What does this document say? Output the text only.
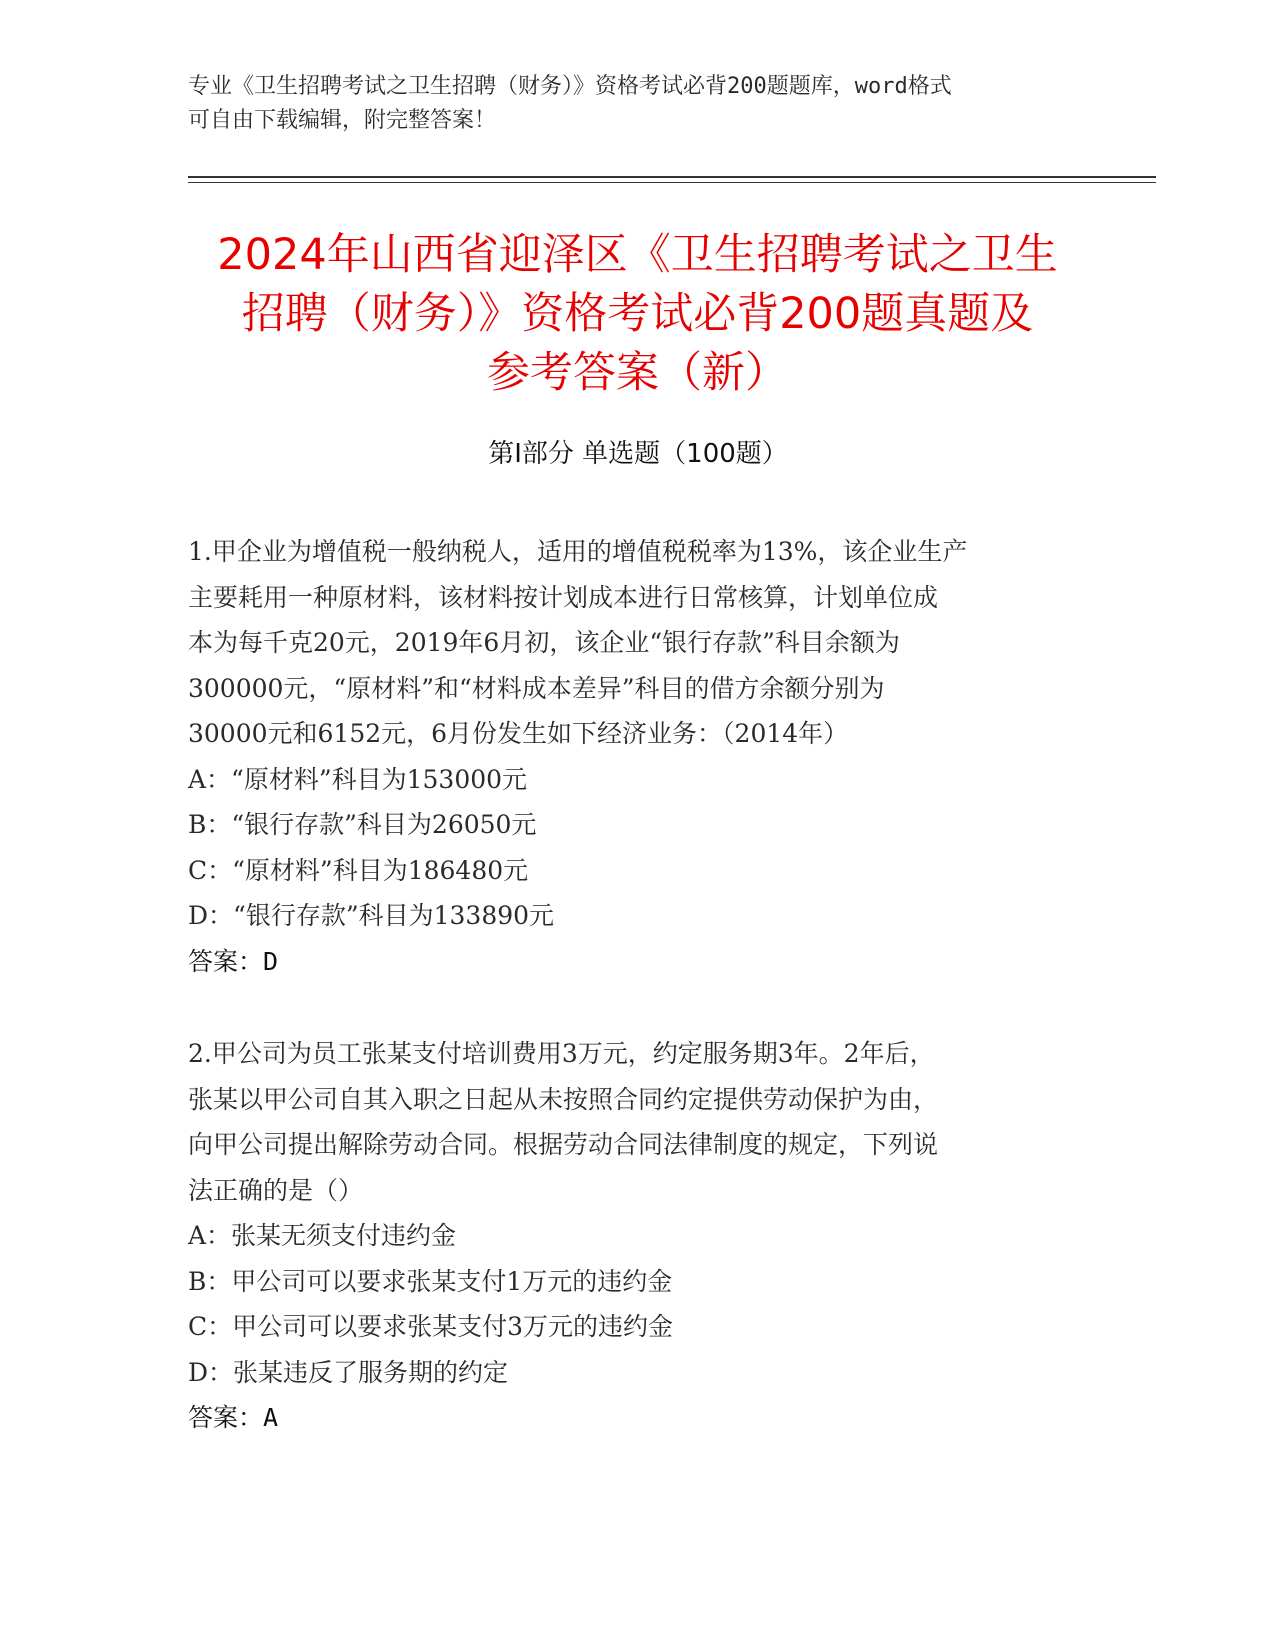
专业《卫生招聘考试之卫生招聘（财务）》资格考试必背200题题库，word格式
可自由下载编辑，附完整答案！
2024年山西省迎泽区《卫生招聘考试之卫生
招聘（财务）》资格考试必背200题真题及
参考答案（新）
第Ⅰ部分 单选题（100题）
1.甲企业为增值税一般纳税人，适用的增值税税率为13%，该企业生产
主要耗用一种原材料，该材料按计划成本进行日常核算，计划单位成
本为每千克20元，2019年6月初，该企业“银行存款”科目余额为
300000元，“原材料”和“材料成本差异”科目的借方余额分别为
30000元和6152元，6月份发生如下经济业务：（2014年）
A：“原材料”科目为153000元
B：“银行存款”科目为26050元
C：“原材料”科目为186480元
D：“银行存款”科目为133890元
答案：D
2.甲公司为员工张某支付培训费用3万元，约定服务期3年。2年后，
张某以甲公司自其入职之日起从未按照合同约定提供劳动保护为由，
向甲公司提出解除劳动合同。根据劳动合同法律制度的规定，下列说
法正确的是（）
A：张某无须支付违约金
B：甲公司可以要求张某支付1万元的违约金
C：甲公司可以要求张某支付3万元的违约金
D：张某违反了服务期的约定
答案：A
